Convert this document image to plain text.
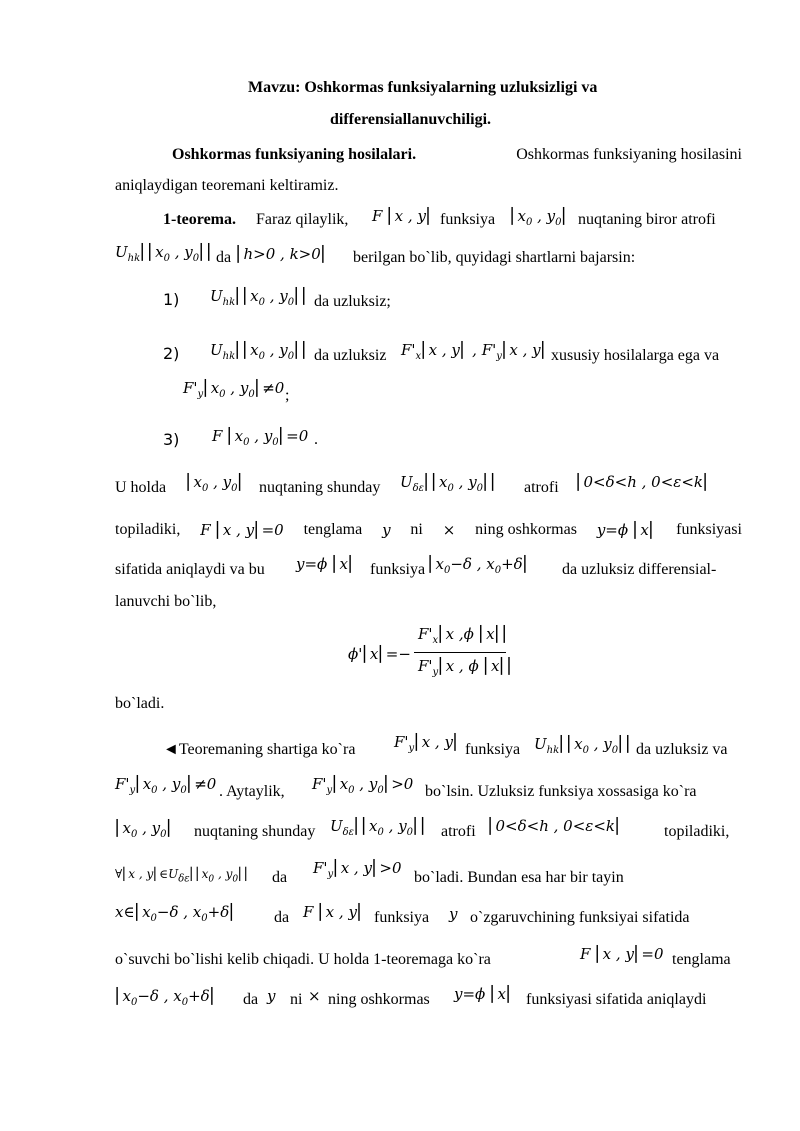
Mavzu: Oshkormas funksiyalarning uzluksizligi va
differensiallanuvchiligi.
Oshkormas funksiyaning hosilalari.	Oshkormas funksiyaning hosilasini
aniqlaydigan teoremani keltiramiz.
1-teorema. Faraz qilaylik, F ⎜x , y⎜ funksiya $⎜x_0$ , $y_0⎜$ nuqtaning biror atrofi
$U_{hk}⎜⎜x_0$ , $y_0⎜⎜$ da ⎜h>0 , k>0⎜ berilgan bo`lib, quyidagi shartlarni bajarsin:
1) $U_{hk}⎜⎜x_0$ , $y_0⎜⎜$ da uzluksiz;
2) $U_{hk}⎜⎜x_0$ , $y_0⎜⎜$ da uzluksiz $F'_x⎜x$ , y⎜ , $F'_y⎜x$ , y⎜ xususiy hosilalarga ega va
$F'_y⎜x_0$ , $y_0⎜\ne 0$ ;
3) F $⎜x_0$ , $y_0⎜=0$ .
U holda $⎜x_0$ , $y_0⎜$ nuqtaning shunday $U_{\delta\varepsilon}⎜⎜x_0$ , $y_0⎜⎜$ atrofi ⎜0<δ<h , 0<ε<k⎜
topiladiki, F ⎜x , y⎜=0 tenglama y ni × ning oshkormas y=ϕ ⎜x⎜ funksiyasi
sifatida aniqlaydi va bu y=ϕ ⎜x⎜ funksiya $⎜x_0-\delta$ , $x_0+\delta⎜$ da uzluksiz differensial-
lanuvchi bo`lib,
ϕ'⎜x⎜=−
$F'_x⎜x$ ,ϕ ⎜x⎜⎜
$F'_y⎜x$ , ϕ ⎜x⎜⎜
bo`ladi.
◄Teoremaning shartiga ko`ra	$F'_y⎜x$ , y⎜ funksiya $U_{hk}⎜⎜x_0$ , $y_0⎜⎜$ da uzluksiz va
$F'_y⎜x_0$ , $y_0⎜\ne 0$ . Aytaylik, $F'_y⎜x_0$ , $y_0⎜>0$ bo`lsin. Uzluksiz funksiya xossasiga ko`ra
$⎜x_0$ , $y_0⎜$ nuqtaning shunday $U_{\delta\varepsilon}⎜⎜x_0$ , $y_0⎜⎜$ atrofi ⎜0<δ<h , 0<ε<k⎜	topiladiki,
∀⎜x , $y⎜\in U_{\delta\varepsilon}⎜⎜x_0$ , $y_0⎜⎜$ da
$F'_y⎜x$ , y⎜>0
bo`ladi. Bundan esa har bir tayin
$x\in⎜x_0-\delta$ , $x_0+\delta⎜$ da F ⎜x , y⎜ funksiya y o`zgaruvchining funksiyai sifatida
o`suvchi bo`lishi kelib chiqadi. U holda 1-teoremaga ko`ra	F ⎜x , y⎜=0 tenglama
$⎜x_0-\delta$ , $x_0+\delta⎜$ da y ni × ning oshkormas y=ϕ ⎜x⎜ funksiyasi sifatida aniqlaydi
